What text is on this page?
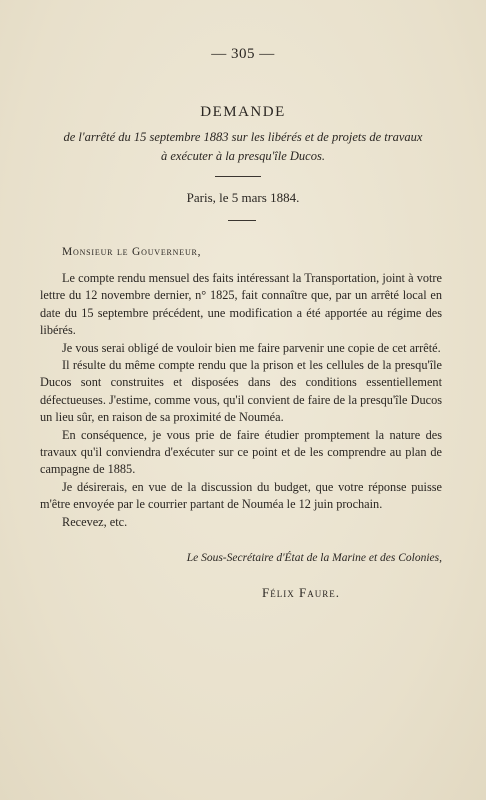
— 305 —
DEMANDE
de l'arrêté du 15 septembre 1883 sur les libérés et de projets de travaux
à exécuter à la presqu'île Ducos.
Paris, le 5 mars 1884.
Monsieur le Gouverneur,

Le compte rendu mensuel des faits intéressant la Transportation, joint à votre lettre du 12 novembre dernier, n° 1825, fait connaître que, par un arrêté local en date du 15 septembre précédent, une modification a été apportée au régime des libérés.

Je vous serai obligé de vouloir bien me faire parvenir une copie de cet arrêté.

Il résulte du même compte rendu que la prison et les cellules de la presqu'île Ducos sont construites et disposées dans des conditions essentiellement défectueuses. J'estime, comme vous, qu'il convient de faire de la presqu'île Ducos un lieu sûr, en raison de sa proximité de Nouméa.

En conséquence, je vous prie de faire étudier promptement la nature des travaux qu'il conviendra d'exécuter sur ce point et de les comprendre au plan de campagne de 1885.

Je désirerais, en vue de la discussion du budget, que votre réponse puisse m'être envoyée par le courrier partant de Nouméa le 12 juin prochain.

Recevez, etc.

Le Sous-Secrétaire d'État de la Marine et des Colonies,
Félix Faure.
